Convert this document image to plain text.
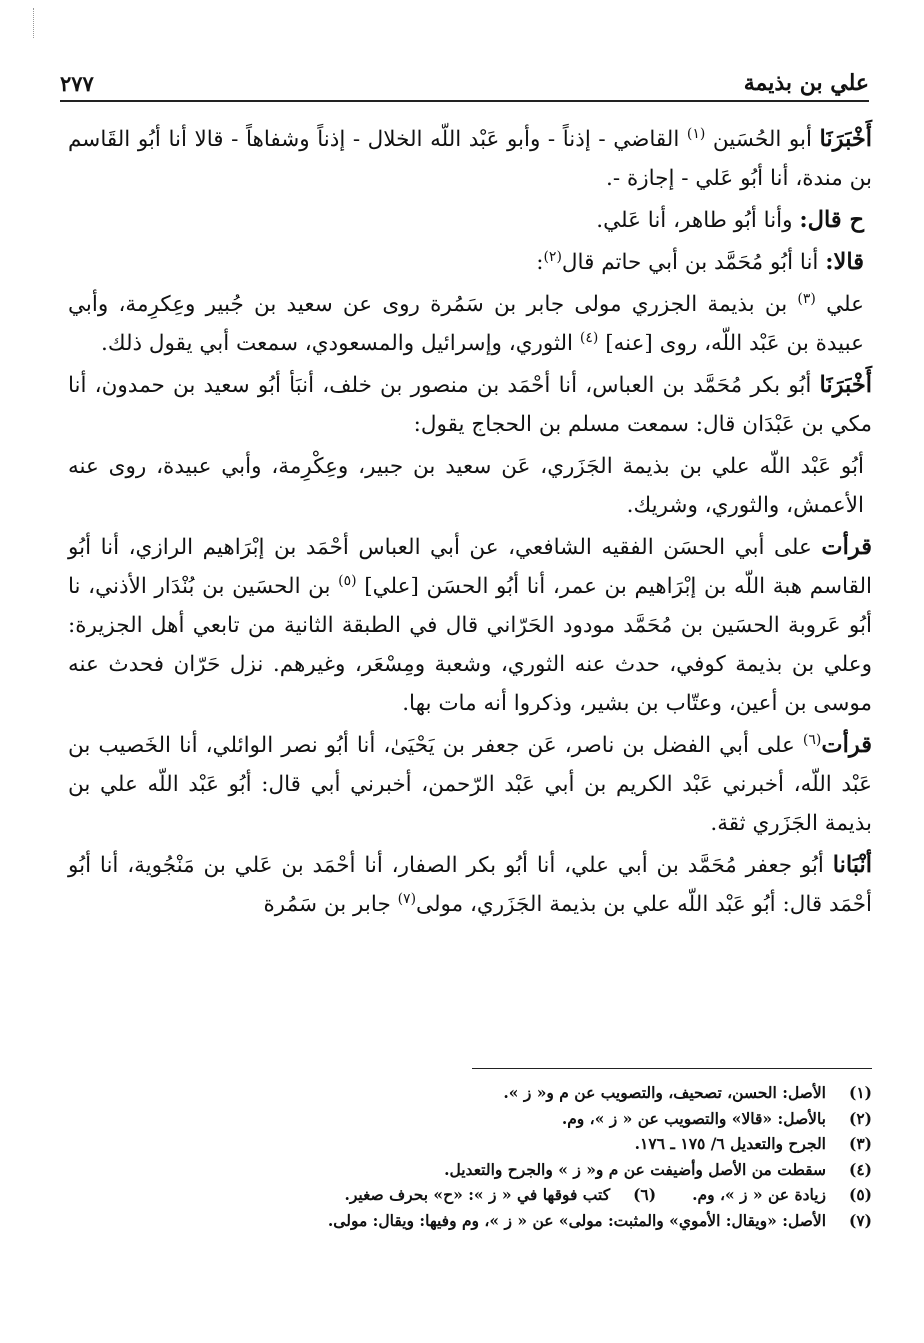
علي بن بذيمة
٢٧٧

أَخْبَرَنَا أبو الحُسَين $^{(١)}$ القاضي - إذناً - وأبو عَبْد اللّه الخلال - إذناً وشفاهاً - قالا أنا أبُو القَاسم بن مندة، أنا أبُو عَلي - إجازة -.

ح قال: وأنا أبُو طاهر، أنا عَلي.

قالا: أنا أبُو مُحَمَّد بن أبي حاتم قال$^{(٢)}$:

علي $^{(٣)}$ بن بذيمة الجزري مولى جابر بن سَمُرة روى عن سعيد بن جُبير وعِكرِمة، وأبي عبيدة بن عَبْد اللّه، روى [عنه] $^{(٤)}$ الثوري، وإسرائيل والمسعودي، سمعت أبي يقول ذلك.

أَخْبَرَنَا أبُو بكر مُحَمَّد بن العباس، أنا أحْمَد بن منصور بن خلف، أنبَأ أبُو سعيد بن حمدون، أنا مكي بن عَبْدَان قال: سمعت مسلم بن الحجاج يقول:

أبُو عَبْد اللّه علي بن بذيمة الجَزَري، عَن سعيد بن جبير، وعِكْرِمة، وأبي عبيدة، روى عنه الأعمش، والثوري، وشريك.

قرأت على أبي الحسَن الفقيه الشافعي، عن أبي العباس أحْمَد بن إبْرَاهيم الرازي، أنا أبُو القاسم هبة اللّه بن إبْرَاهيم بن عمر، أنا أبُو الحسَن [علي] $^{(٥)}$ بن الحسَين بن بُنْدَار الأذني، نا أبُو عَروبة الحسَين بن مُحَمَّد مودود الحَرّاني قال في الطبقة الثانية من تابعي أهل الجزيرة: وعلي بن بذيمة كوفي، حدث عنه الثوري، وشعبة ومِسْعَر، وغيرهم. نزل حَرّان فحدث عنه موسى بن أعين، وعتّاب بن بشير، وذكروا أنه مات بها.

قرأت$^{(٦)}$ على أبي الفضل بن ناصر، عَن جعفر بن يَحْيَىٰ، أنا أبُو نصر الوائلي، أنا الخَصيب بن عَبْد اللّه، أخبرني عَبْد الكريم بن أبي عَبْد الرّحمن، أخبرني أبي قال: أبُو عَبْد اللّه علي بن بذيمة الجَزَري ثقة.

أنْبَانا أبُو جعفر مُحَمَّد بن أبي علي، أنا أبُو بكر الصفار، أنا أحْمَد بن عَلي بن مَنْجُوية، أنا أبُو أحْمَد قال: أبُو عَبْد اللّه علي بن بذيمة الجَزَري، مولى$^{(٧)}$ جابر بن سَمُرة

(١)
الأصل: الحسن، تصحيف، والتصويب عن م و« ز ».
(٢)
بالأصل: «قالا» والتصويب عن « ز »، وم.
(٣)
الجرح والتعديل ٦/ ١٧٥ ـ ١٧٦.
(٤)
سقطت من الأصل وأضيفت عن م و« ز » والجرح والتعديل.
(٥)
زيادة عن « ز »، وم.
(٦)
كتب فوقها في « ز »: «ح» بحرف صغير.
(٧)
الأصل: «ويقال: الأموي» والمثبت: مولى» عن « ز »، وم وفيها: ويقال: مولى.
